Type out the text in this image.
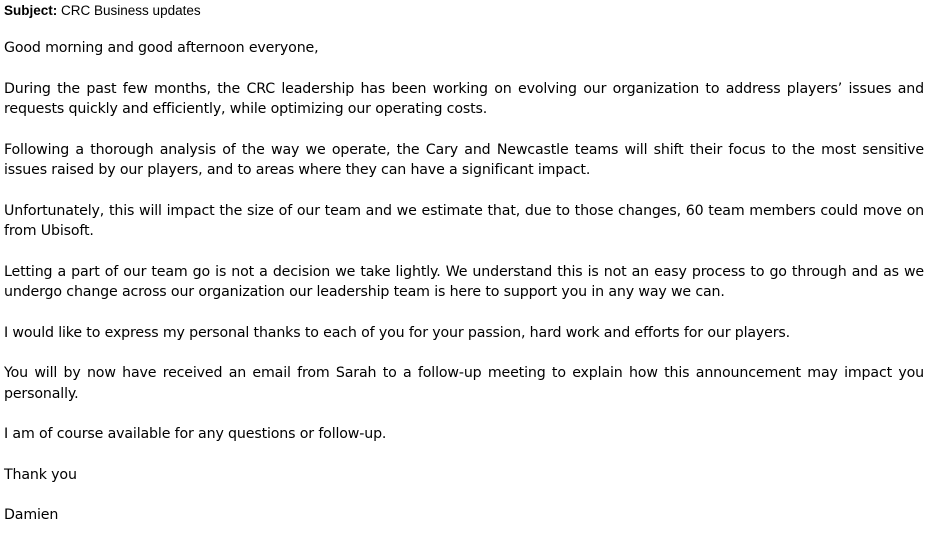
Subject: CRC Business updates

Good morning and good afternoon everyone,

During the past few months, the CRC leadership has been working on evolving our organization to address players’ issues and requests quickly and efficiently, while optimizing our operating costs.

Following a thorough analysis of the way we operate, the Cary and Newcastle teams will shift their focus to the most sensitive issues raised by our players, and to areas where they can have a significant impact.

Unfortunately, this will impact the size of our team and we estimate that, due to those changes, 60 team members could move on from Ubisoft.

Letting a part of our team go is not a decision we take lightly. We understand this is not an easy process to go through and as we undergo change across our organization our leadership team is here to support you in any way we can.

I would like to express my personal thanks to each of you for your passion, hard work and efforts for our players.

You will by now have received an email from Sarah to a follow-up meeting to explain how this announcement may impact you personally.

I am of course available for any questions or follow-up.

Thank you

Damien
